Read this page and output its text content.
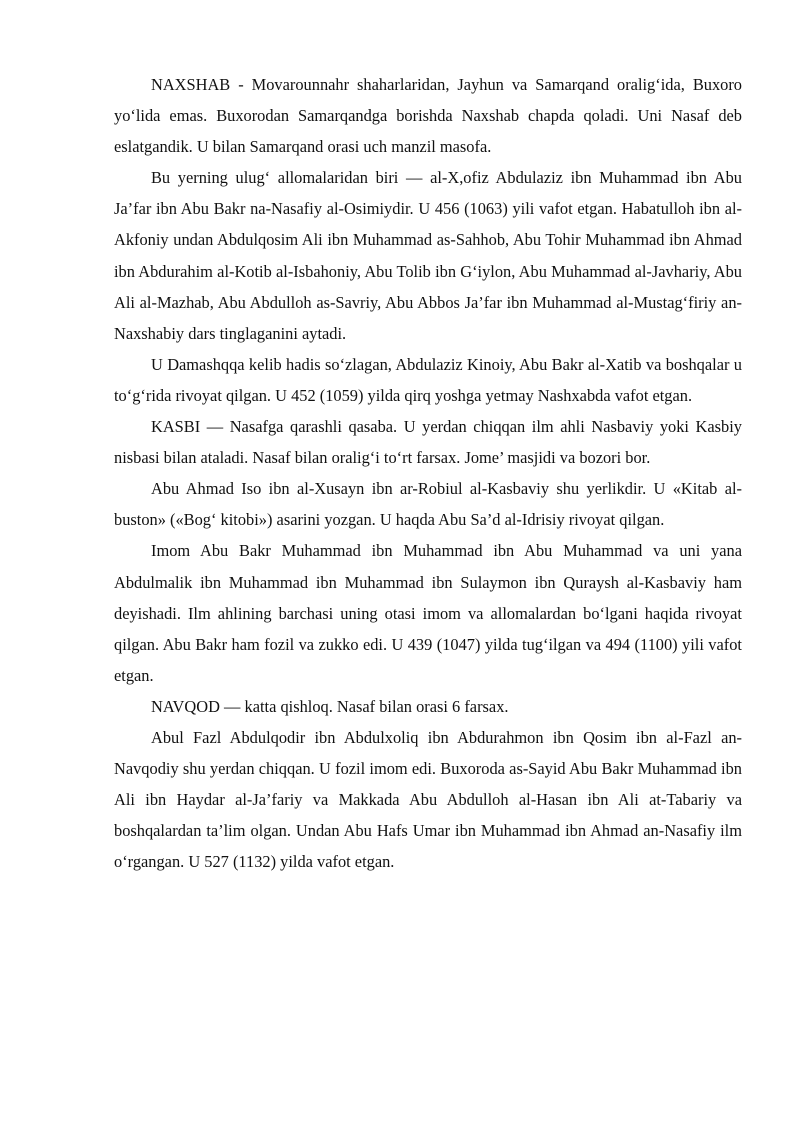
NAXSHAB - Movarounnahr shaharlaridan, Jayhun va Samarqand oralig‘ida, Buxoro yo‘lida emas. Buxorodan Samarqandga borishda Naxshab chapda qoladi. Uni Nasaf deb eslatgandik. U bilan Samarqand orasi uch manzil masofa.

Bu yerning ulug‘ allomalaridan biri — al-X,ofiz Abdulaziz ibn Muhammad ibn Abu Ja’far ibn Abu Bakr na-Nasafiy al-Osimiydir. U 456 (1063) yili vafot etgan. Habatulloh ibn al-Akfoniy undan Abdulqosim Ali ibn Muhammad as-Sahhob, Abu Tohir Muhammad ibn Ahmad ibn Abdurahim al-Kotib al-Isbahoniy, Abu Tolib ibn G‘iylon, Abu Muhammad al-Javhariy, Abu Ali al-Mazhab, Abu Abdulloh as-Savriy, Abu Abbos Ja’far ibn Muhammad al-Mustag‘firiy an-Naxshabiy dars tinglaganini aytadi.

U Damashqqa kelib hadis so‘zlagan, Abdulaziz Kinoiy, Abu Bakr al-Xatib va boshqalar u to‘g‘rida rivoyat qilgan. U 452 (1059) yilda qirq yoshga yetmay Nashxabda vafot etgan.

KASBI — Nasafga qarashli qasaba. U yerdan chiqqan ilm ahli Nasbaviy yoki Kasbiy nisbasi bilan ataladi. Nasaf bilan oralig‘i to‘rt farsax. Jome’ masjidi va bozori bor.

Abu Ahmad Iso ibn al-Xusayn ibn ar-Robiul al-Kasbaviy shu yerlikdir. U «Kitab al-buston» («Bog‘ kitobi») asarini yozgan. U haqda Abu Sa’d al-Idrisiy rivoyat qilgan.

Imom Abu Bakr Muhammad ibn Muhammad ibn Abu Muhammad va uni yana Abdulmalik ibn Muhammad ibn Muhammad ibn Sulaymon ibn Quraysh al-Kasbaviy ham deyishadi. Ilm ahlining barchasi uning otasi imom va allomalardan bo‘lgani haqida rivoyat qilgan. Abu Bakr ham fozil va zukko edi. U 439 (1047) yilda tug‘ilgan va 494 (1100) yili vafot etgan.

NAVQOD — katta qishloq. Nasaf bilan orasi 6 farsax.

Abul Fazl Abdulqodir ibn Abdulxoliq ibn Abdurahmon ibn Qosim ibn al-Fazl an-Navqodiy shu yerdan chiqqan. U fozil imom edi. Buxoroda as-Sayid Abu Bakr Muhammad ibn Ali ibn Haydar al-Ja’fariy va Makkada Abu Abdulloh al-Hasan ibn Ali at-Tabariy va boshqalardan ta’lim olgan. Undan Abu Hafs Umar ibn Muhammad ibn Ahmad an-Nasafiy ilm o‘rgangan. U 527 (1132) yilda vafot etgan.
